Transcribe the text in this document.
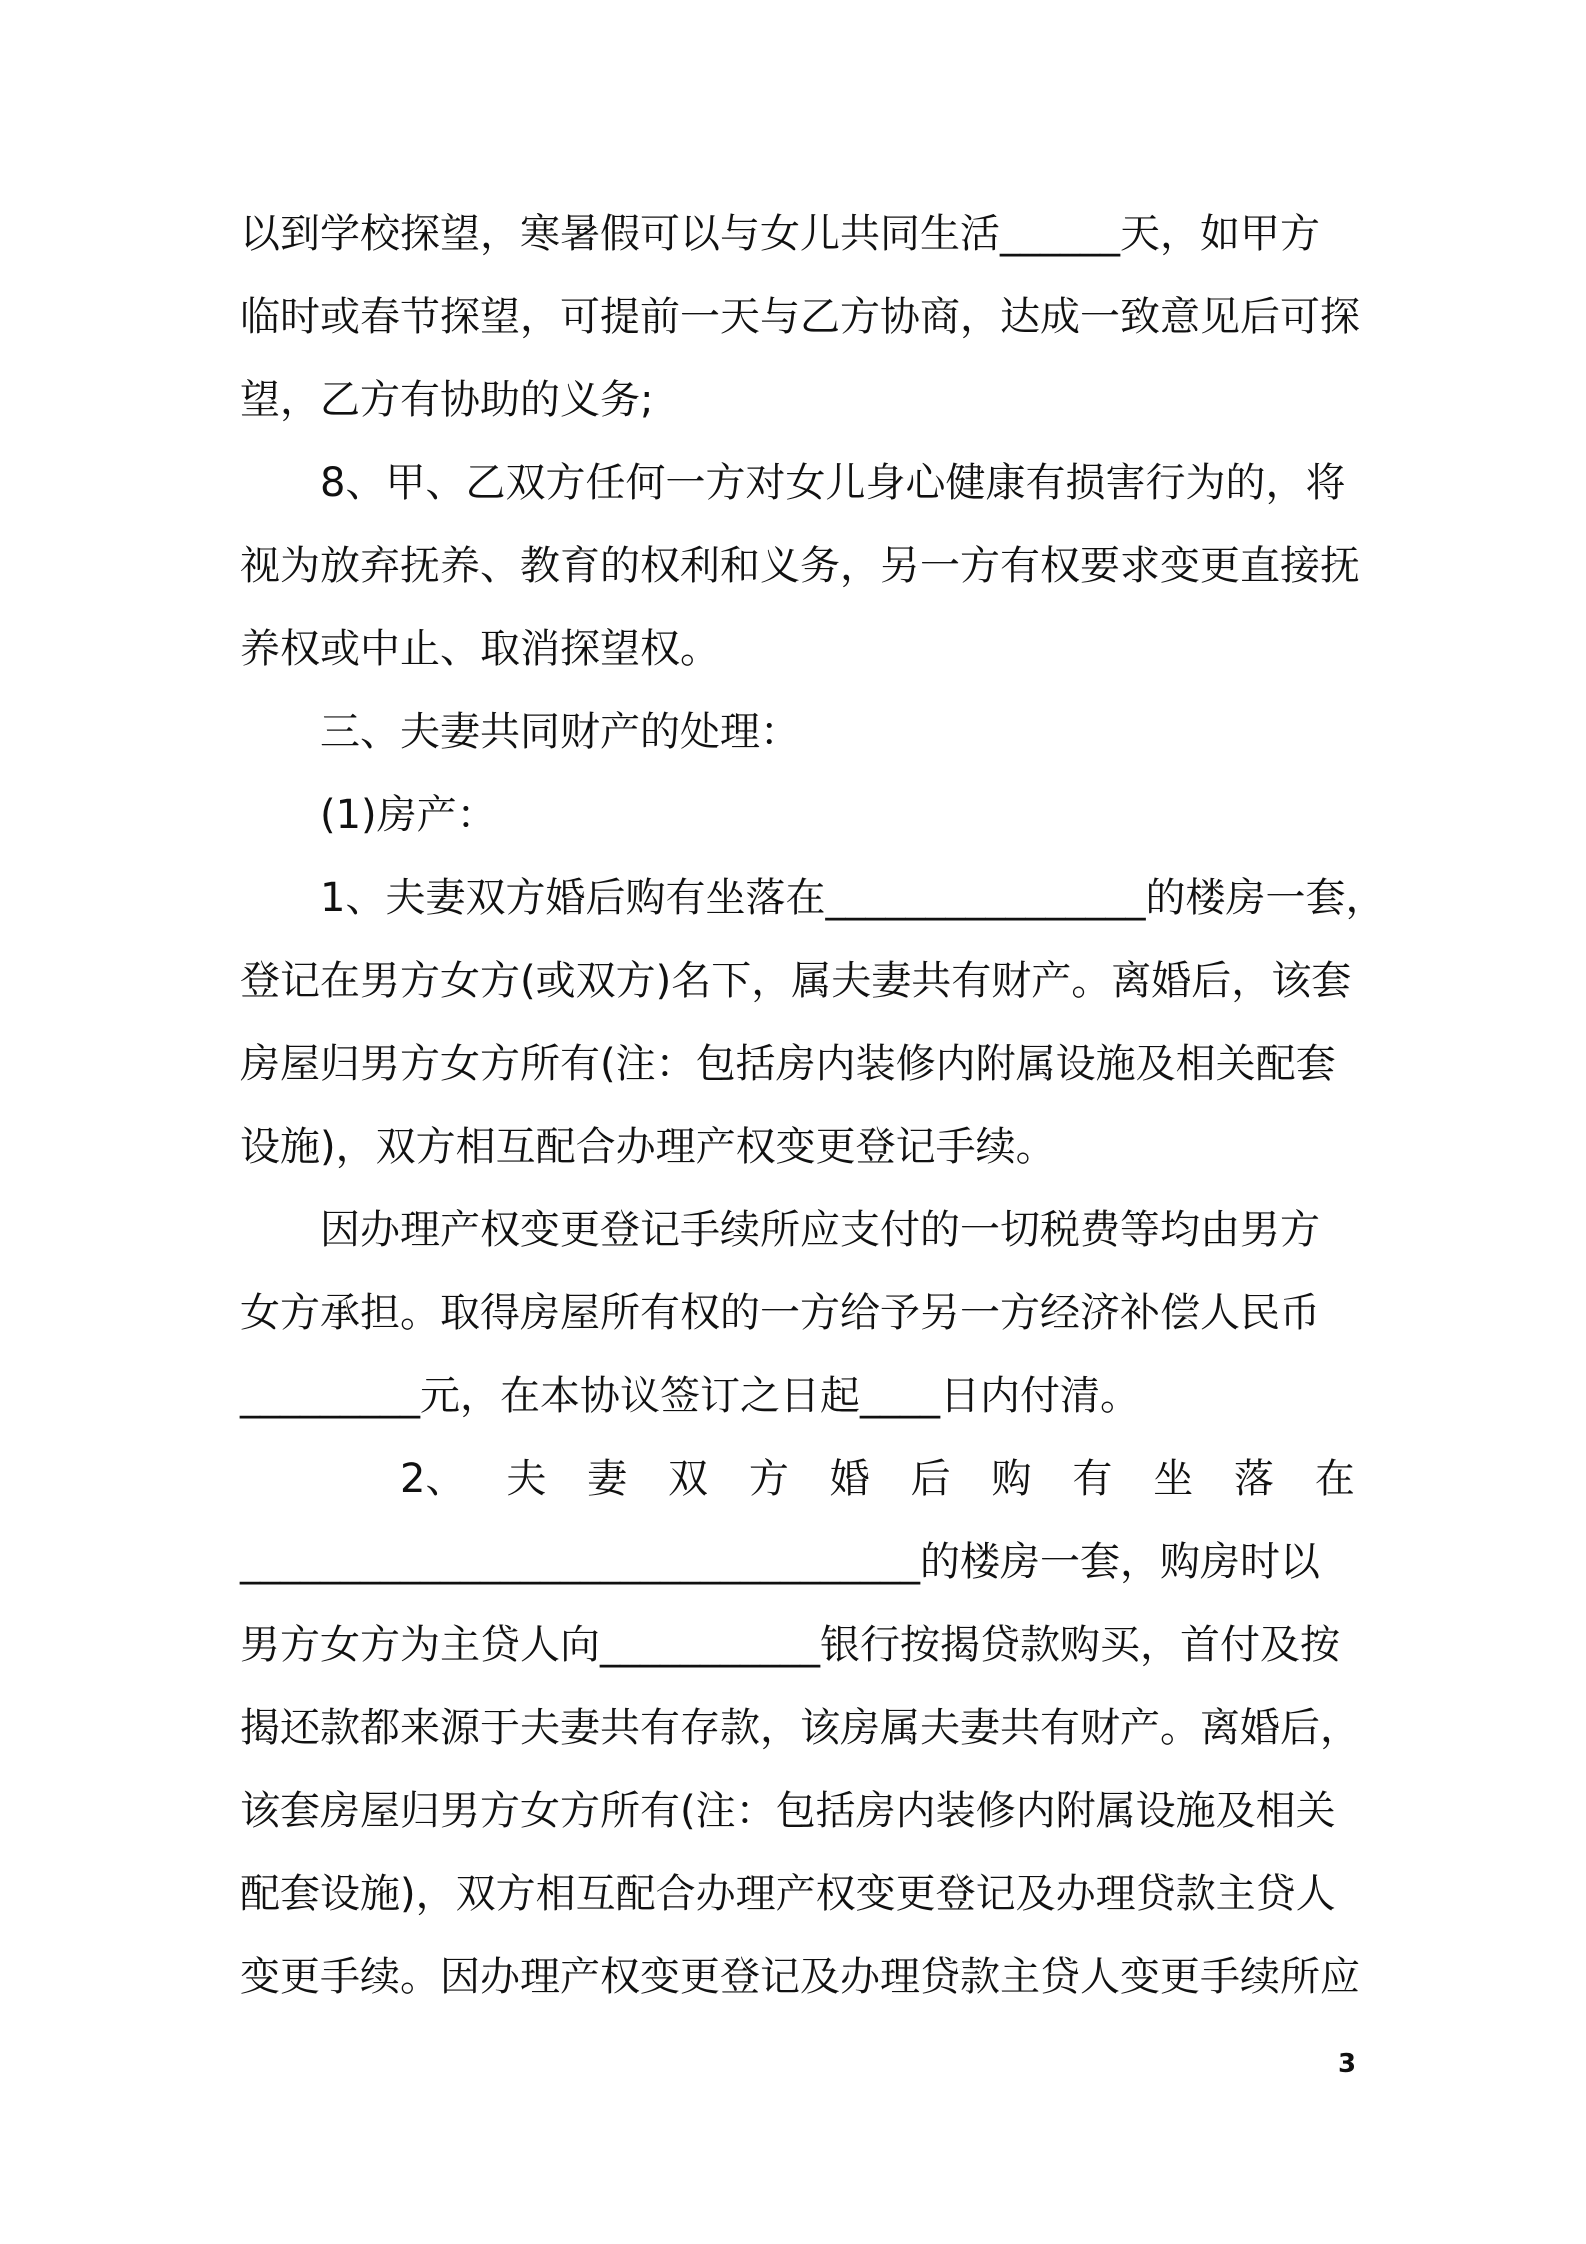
以到学校探望，寒暑假可以与女儿共同生活______天，如甲方
临时或春节探望，可提前一天与乙方协商，达成一致意见后可探
望，乙方有协助的义务;
8、甲、乙双方任何一方对女儿身心健康有损害行为的，将
视为放弃抚养、教育的权利和义务，另一方有权要求变更直接抚
养权或中止、取消探望权。
三、夫妻共同财产的处理：
(1)房产：
1、夫妻双方婚后购有坐落在________________的楼房一套，
登记在男方女方(或双方)名下，属夫妻共有财产。离婚后，该套
房屋归男方女方所有(注：包括房内装修内附属设施及相关配套
设施)，双方相互配合办理产权变更登记手续。
因办理产权变更登记手续所应支付的一切税费等均由男方
女方承担。取得房屋所有权的一方给予另一方经济补偿人民币
_________元，在本协议签订之日起____日内付清。
2、 夫 妻 双 方 婚 后 购 有 坐 落 在
__________________________________的楼房一套，购房时以
男方女方为主贷人向___________银行按揭贷款购买，首付及按
揭还款都来源于夫妻共有存款，该房属夫妻共有财产。离婚后，
该套房屋归男方女方所有(注：包括房内装修内附属设施及相关
配套设施)，双方相互配合办理产权变更登记及办理贷款主贷人
变更手续。因办理产权变更登记及办理贷款主贷人变更手续所应
3
